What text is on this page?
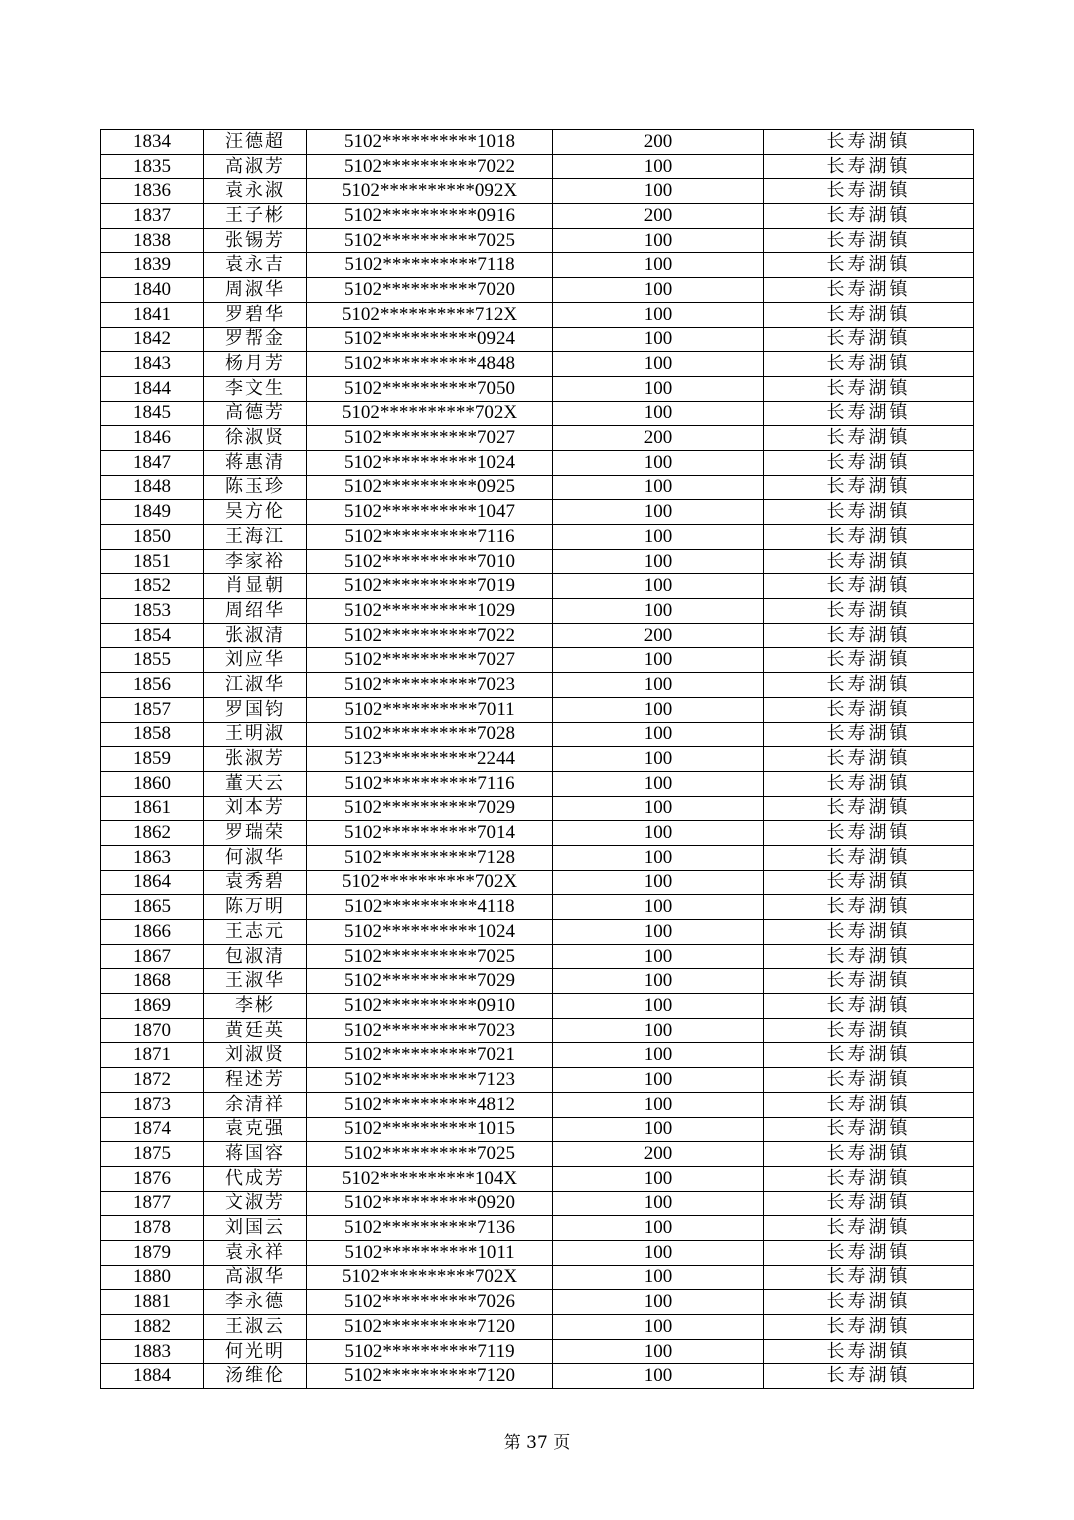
1834	汪德超	5102**********1018	200	长寿湖镇
1835	高淑芳	5102**********7022	100	长寿湖镇
1836	袁永淑	5102**********092X	100	长寿湖镇
1837	王子彬	5102**********0916	200	长寿湖镇
1838	张锡芳	5102**********7025	100	长寿湖镇
1839	袁永吉	5102**********7118	100	长寿湖镇
1840	周淑华	5102**********7020	100	长寿湖镇
1841	罗碧华	5102**********712X	100	长寿湖镇
1842	罗帮金	5102**********0924	100	长寿湖镇
1843	杨月芳	5102**********4848	100	长寿湖镇
1844	李文生	5102**********7050	100	长寿湖镇
1845	高德芳	5102**********702X	100	长寿湖镇
1846	徐淑贤	5102**********7027	200	长寿湖镇
1847	蒋惠清	5102**********1024	100	长寿湖镇
1848	陈玉珍	5102**********0925	100	长寿湖镇
1849	吴方伦	5102**********1047	100	长寿湖镇
1850	王海江	5102**********7116	100	长寿湖镇
1851	李家裕	5102**********7010	100	长寿湖镇
1852	肖显朝	5102**********7019	100	长寿湖镇
1853	周绍华	5102**********1029	100	长寿湖镇
1854	张淑清	5102**********7022	200	长寿湖镇
1855	刘应华	5102**********7027	100	长寿湖镇
1856	江淑华	5102**********7023	100	长寿湖镇
1857	罗国钧	5102**********7011	100	长寿湖镇
1858	王明淑	5102**********7028	100	长寿湖镇
1859	张淑芳	5123**********2244	100	长寿湖镇
1860	董天云	5102**********7116	100	长寿湖镇
1861	刘本芳	5102**********7029	100	长寿湖镇
1862	罗瑞荣	5102**********7014	100	长寿湖镇
1863	何淑华	5102**********7128	100	长寿湖镇
1864	袁秀碧	5102**********702X	100	长寿湖镇
1865	陈万明	5102**********4118	100	长寿湖镇
1866	王志元	5102**********1024	100	长寿湖镇
1867	包淑清	5102**********7025	100	长寿湖镇
1868	王淑华	5102**********7029	100	长寿湖镇
1869	李彬	5102**********0910	100	长寿湖镇
1870	黄廷英	5102**********7023	100	长寿湖镇
1871	刘淑贤	5102**********7021	100	长寿湖镇
1872	程述芳	5102**********7123	100	长寿湖镇
1873	余清祥	5102**********4812	100	长寿湖镇
1874	袁克强	5102**********1015	100	长寿湖镇
1875	蒋国容	5102**********7025	200	长寿湖镇
1876	代成芳	5102**********104X	100	长寿湖镇
1877	文淑芳	5102**********0920	100	长寿湖镇
1878	刘国云	5102**********7136	100	长寿湖镇
1879	袁永祥	5102**********1011	100	长寿湖镇
1880	高淑华	5102**********702X	100	长寿湖镇
1881	李永德	5102**********7026	100	长寿湖镇
1882	王淑云	5102**********7120	100	长寿湖镇
1883	何光明	5102**********7119	100	长寿湖镇
1884	汤维伦	5102**********7120	100	长寿湖镇
第 37 页
